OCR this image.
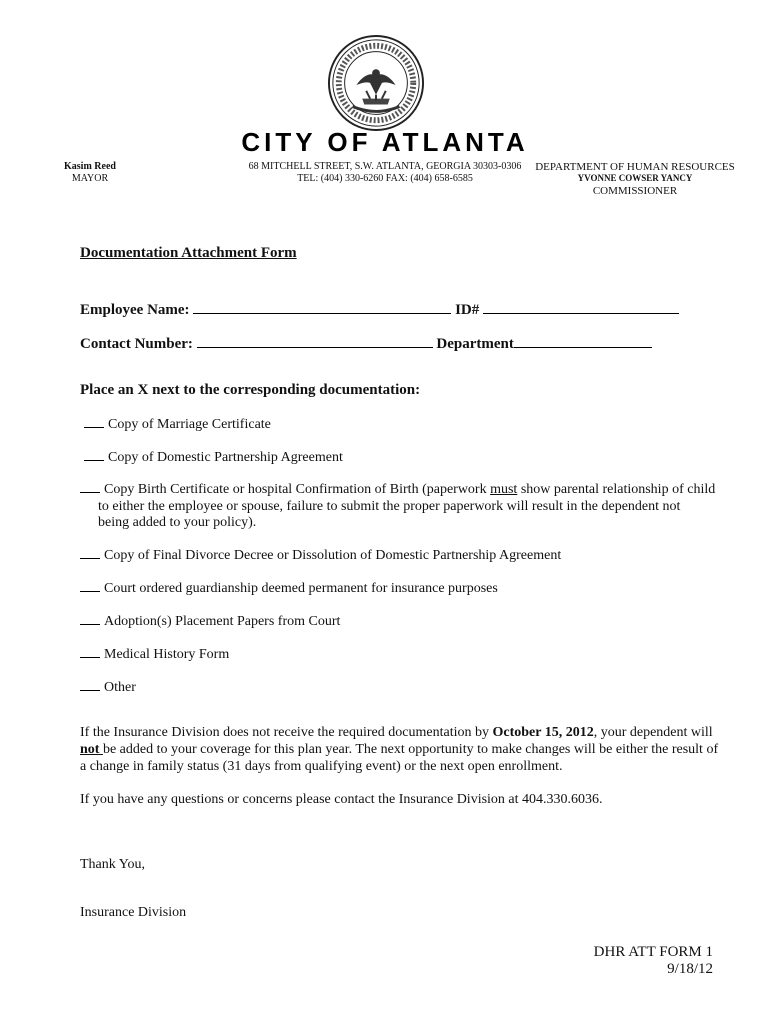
CITY OF ATLANTA
Kasim Reed
MAYOR
68 MITCHELL STREET, S.W. ATLANTA, GEORGIA 30303-0306
TEL: (404) 330-6260 FAX: (404) 658-6585
DEPARTMENT OF HUMAN RESOURCES
YVONNE COWSER YANCY
COMMISSIONER
Documentation Attachment Form
Employee Name:	ID#
Contact Number:	Department
Place an X next to the corresponding documentation:
Copy of Marriage Certificate
Copy of Domestic Partnership Agreement
Copy Birth Certificate or hospital Confirmation of Birth (paperwork must show parental relationship of child
to either the employee or spouse, failure to submit the proper paperwork will result in the dependent not
being added to your policy).
Copy of Final Divorce Decree or Dissolution of Domestic Partnership Agreement
Court ordered guardianship deemed permanent for insurance purposes
Adoption(s) Placement Papers from Court
Medical History Form
Other
If the Insurance Division does not receive the required documentation by October 15, 2012, your dependent will not be added to your coverage for this plan year. The next opportunity to make changes will be either the result of a change in family status (31 days from qualifying event) or the next open enrollment.
If you have any questions or concerns please contact the Insurance Division at 404.330.6036.
Thank You,
Insurance Division
DHR ATT FORM 1
9/18/12
